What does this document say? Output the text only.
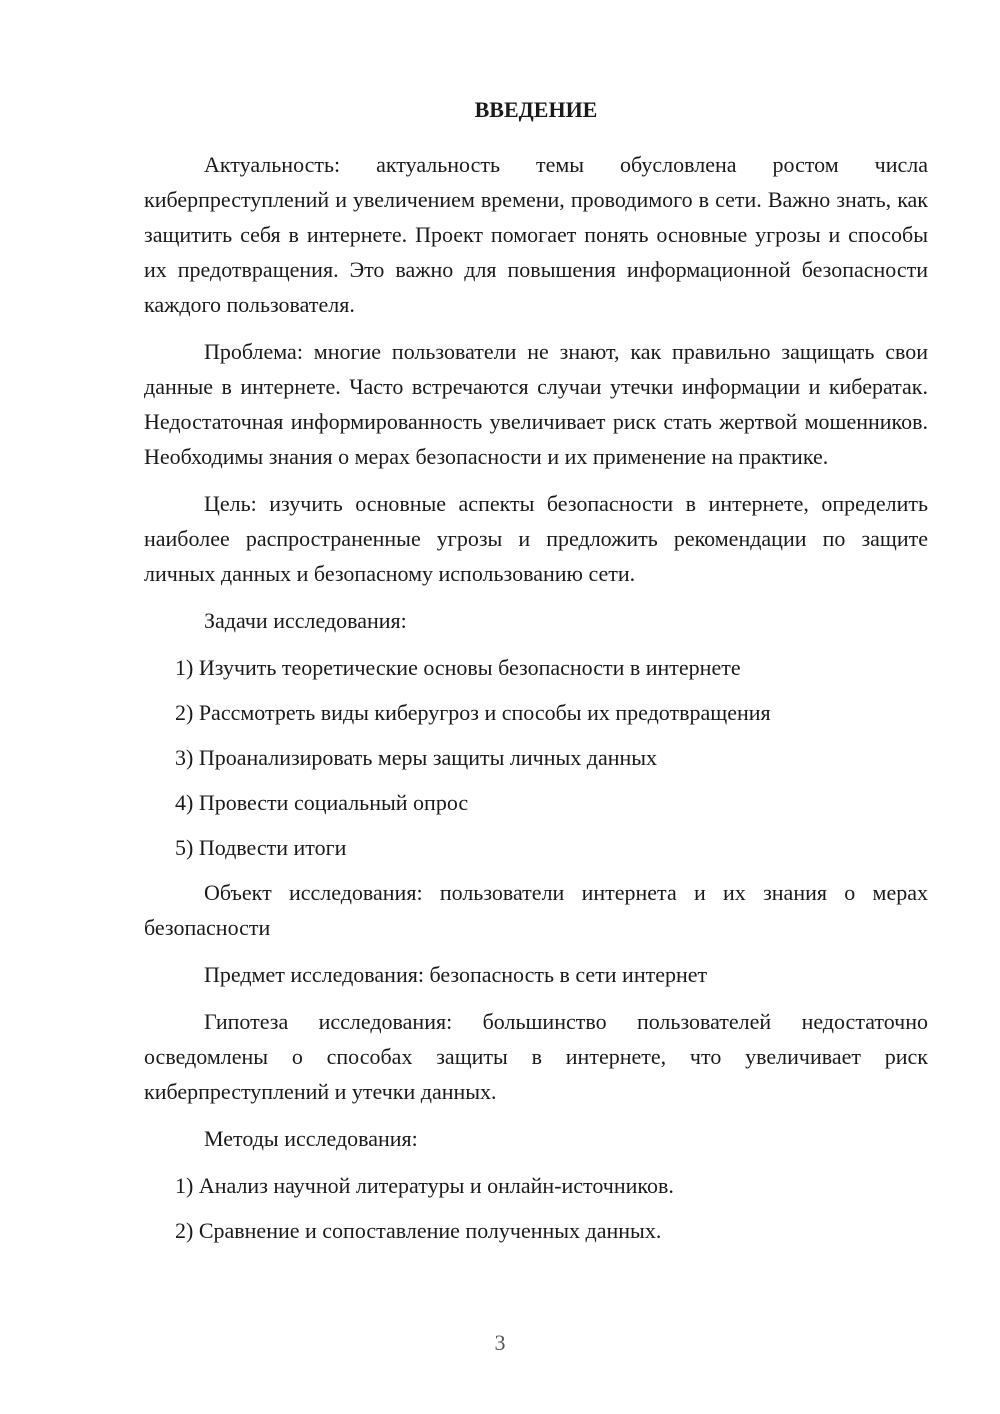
ВВЕДЕНИЕ

Актуальность: актуальность темы обусловлена ростом числа киберпреступлений и увеличением времени, проводимого в сети. Важно знать, как защитить себя в интернете. Проект помогает понять основные угрозы и способы их предотвращения. Это важно для повышения информационной безопасности каждого пользователя.

Проблема: многие пользователи не знают, как правильно защищать свои данные в интернете. Часто встречаются случаи утечки информации и кибератак. Недостаточная информированность увеличивает риск стать жертвой мошенников. Необходимы знания о мерах безопасности и их применение на практике.

Цель: изучить основные аспекты безопасности в интернете, определить наиболее распространенные угрозы и предложить рекомендации по защите личных данных и безопасному использованию сети.

Задачи исследования:

1) Изучить теоретические основы безопасности в интернете
2) Рассмотреть виды киберугроз и способы их предотвращения
3) Проанализировать меры защиты личных данных
4) Провести социальный опрос
5) Подвести итоги

Объект исследования: пользователи интернета и их знания о мерах безопасности

Предмет исследования: безопасность в сети интернет

Гипотеза исследования: большинство пользователей недостаточно осведомлены о способах защиты в интернете, что увеличивает риск киберпреступлений и утечки данных.

Методы исследования:

1) Анализ научной литературы и онлайн-источников.
2) Сравнение и сопоставление полученных данных.
3
